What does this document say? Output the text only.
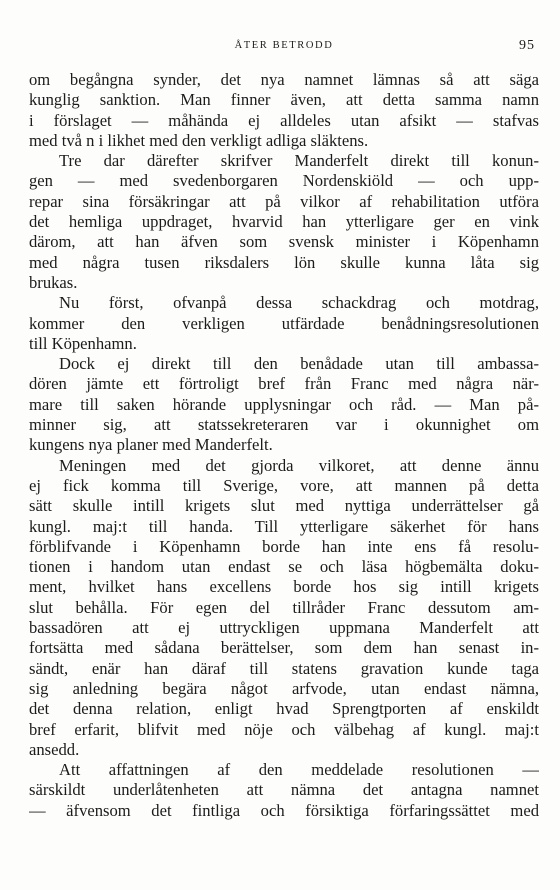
ÅTER BETRODD	95
om begångna synder, det nya namnet lämnas så att säga
kunglig sanktion. Man finner även, att detta samma namn
i förslaget — måhända ej alldeles utan afsikt — stafvas
med två n i likhet med den verkligt adliga släktens.
Tre dar därefter skrifver Manderfelt direkt till konun-
gen — med svedenborgaren Nordenskiöld — och upp-
repar sina försäkringar att på vilkor af rehabilitation utföra
det hemliga uppdraget, hvarvid han ytterligare ger en vink
därom, att han äfven som svensk minister i Köpenhamn
med några tusen riksdalers lön skulle kunna låta sig
brukas.
Nu först, ofvanpå dessa schackdrag och motdrag,
kommer den verkligen utfärdade benådningsresolutionen
till Köpenhamn.
Dock ej direkt till den benådade utan till ambassa-
dören jämte ett förtroligt bref från Franc med några när-
mare till saken hörande upplysningar och råd. — Man på-
minner sig, att statssekreteraren var i okunnighet om
kungens nya planer med Manderfelt.
Meningen med det gjorda vilkoret, att denne ännu
ej fick komma till Sverige, vore, att mannen på detta
sätt skulle intill krigets slut med nyttiga underrättelser gå
kungl. maj:t till handa. Till ytterligare säkerhet för hans
förblifvande i Köpenhamn borde han inte ens få resolu-
tionen i handom utan endast se och läsa högbemälta doku-
ment, hvilket hans excellens borde hos sig intill krigets
slut behålla. För egen del tillråder Franc dessutom am-
bassadören att ej uttryckligen uppmana Manderfelt att
fortsätta med sådana berättelser, som dem han senast in-
sändt, enär han däraf till statens gravation kunde taga
sig anledning begära något arfvode, utan endast nämna,
det denna relation, enligt hvad Sprengtporten af enskildt
bref erfarit, blifvit med nöje och välbehag af kungl. maj:t
ansedd.
Att affattningen af den meddelade resolutionen —
särskildt underlåtenheten att nämna det antagna namnet
— äfvensom det fintliga och försiktiga förfaringssättet med
